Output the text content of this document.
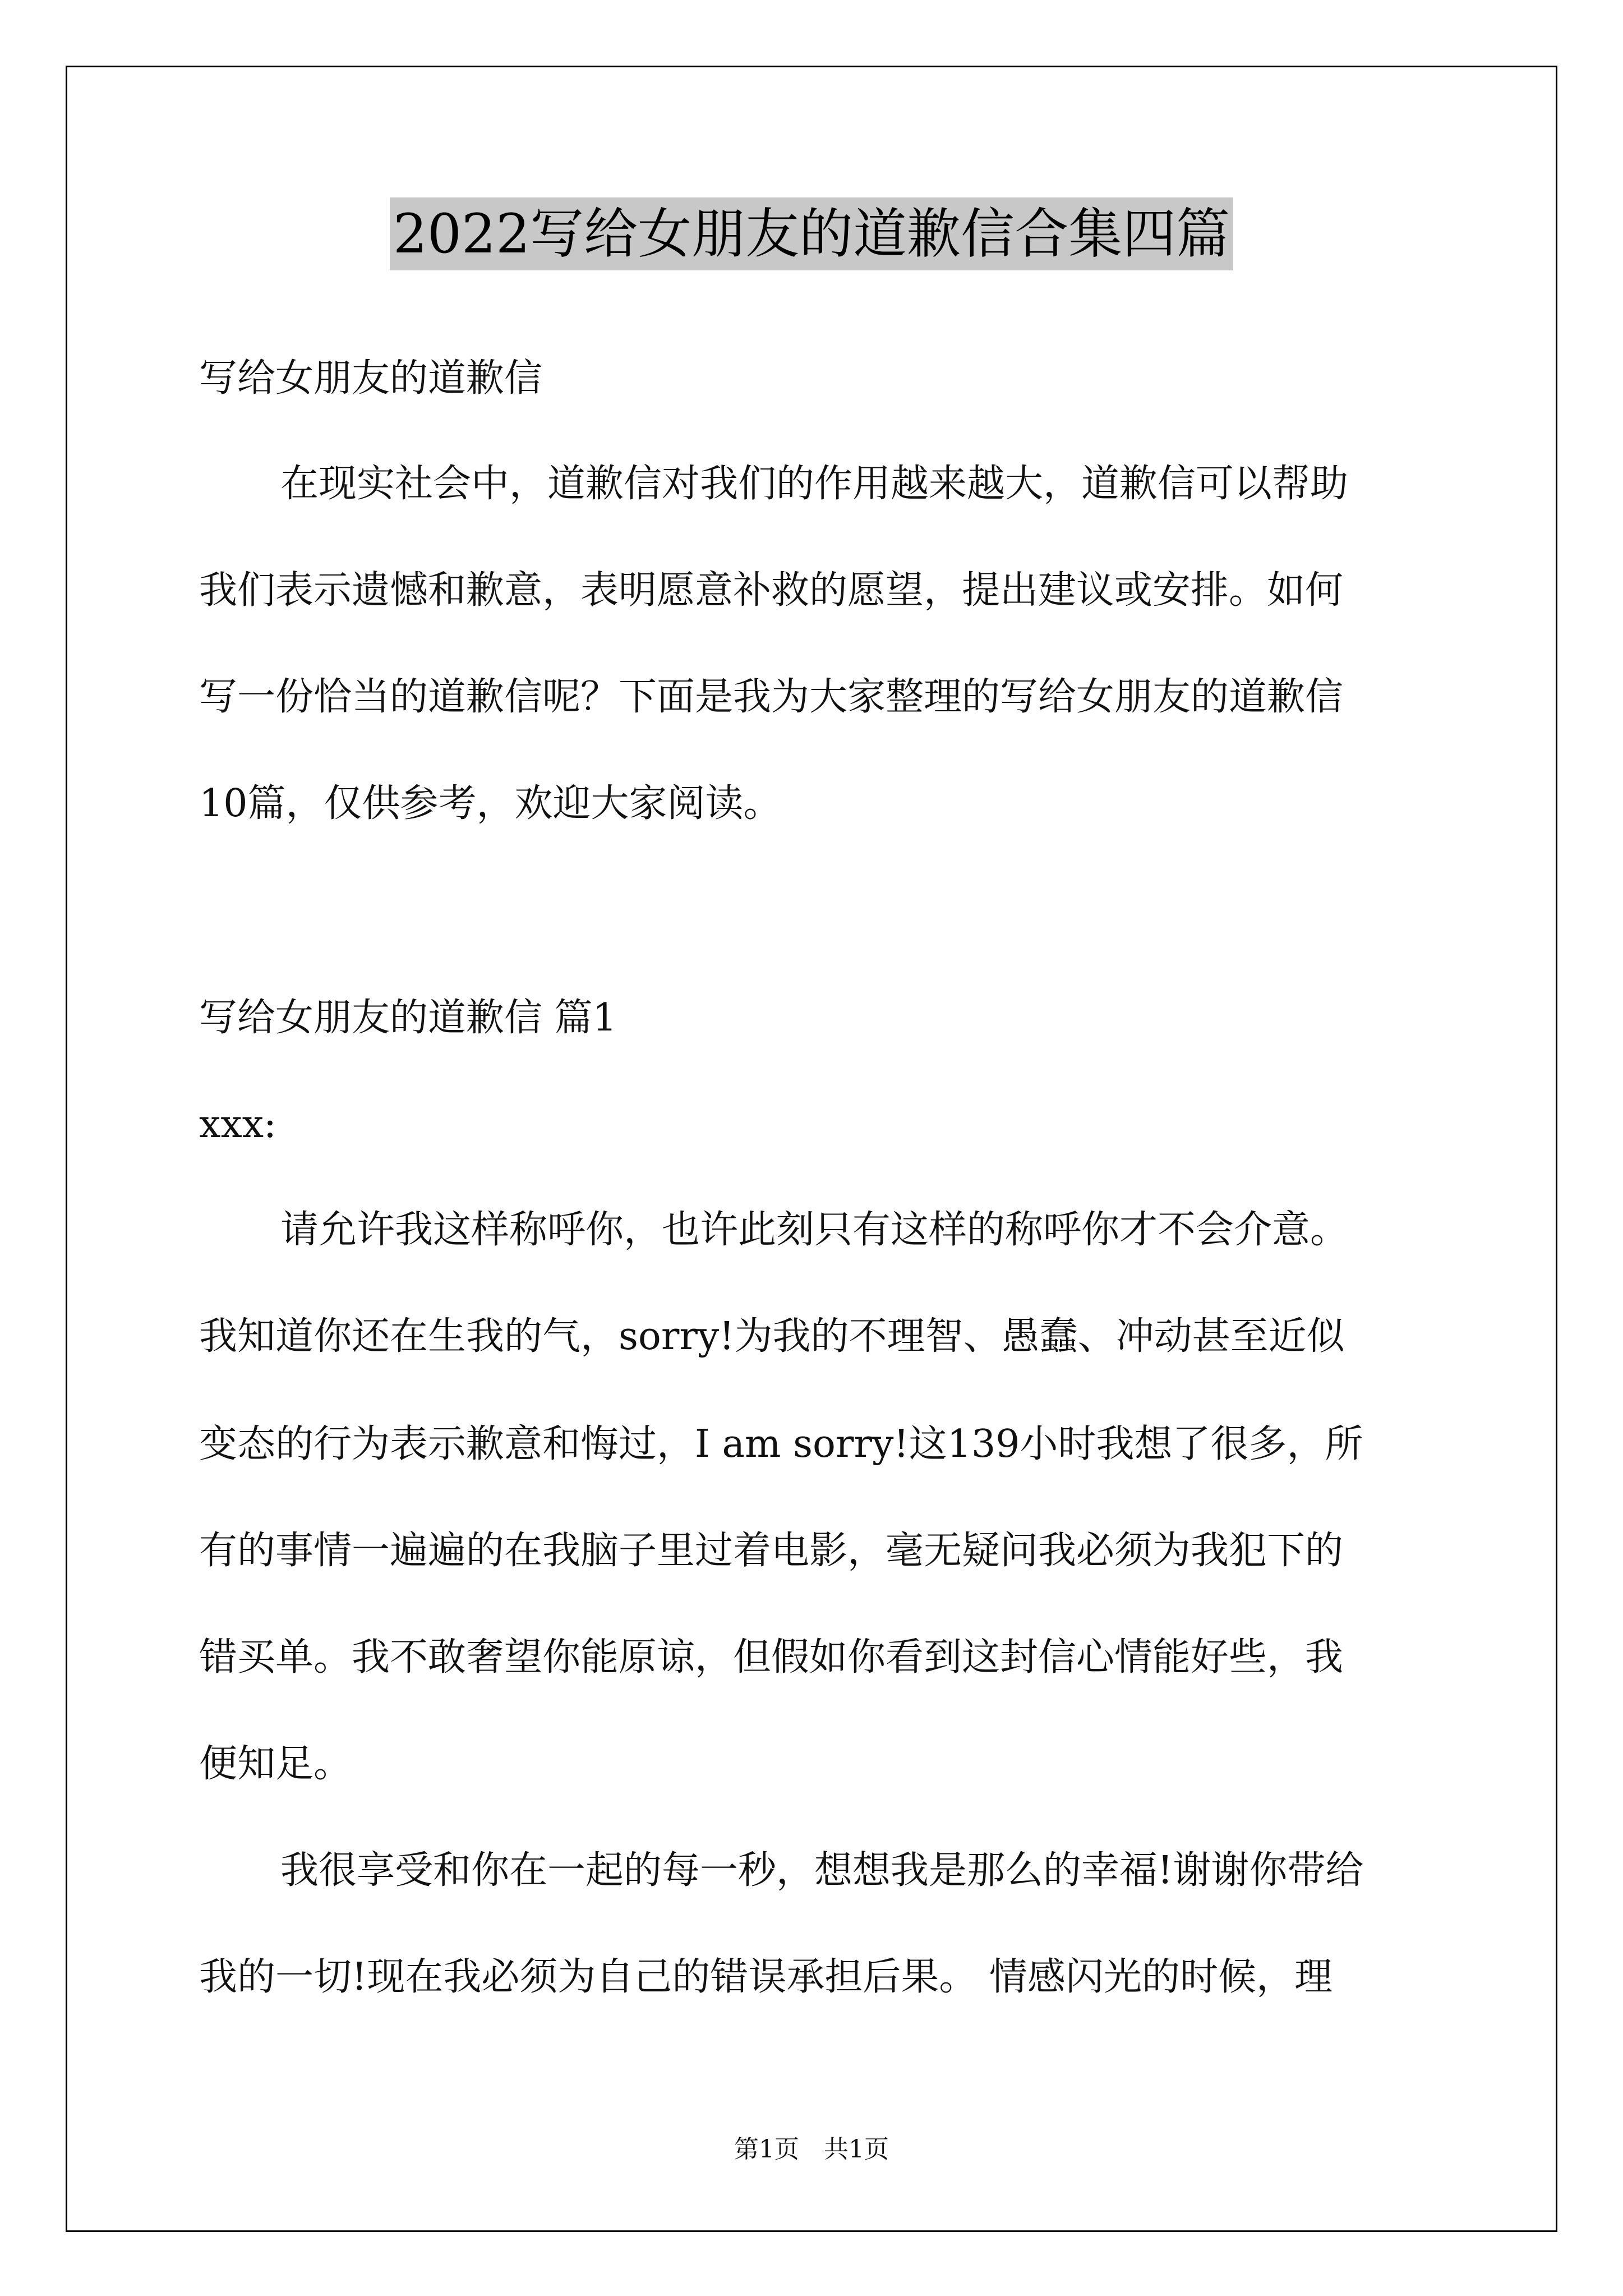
2022写给女朋友的道歉信合集四篇
写给女朋友的道歉信
在现实社会中，道歉信对我们的作用越来越大，道歉信可以帮助
我们表示遗憾和歉意，表明愿意补救的愿望，提出建议或安排。如何
写一份恰当的道歉信呢？下面是我为大家整理的写给女朋友的道歉信
10篇，仅供参考，欢迎大家阅读。
写给女朋友的道歉信 篇1
xxx:
请允许我这样称呼你，也许此刻只有这样的称呼你才不会介意。
我知道你还在生我的气，sorry!为我的不理智、愚蠢、冲动甚至近似
变态的行为表示歉意和悔过，I am sorry!这139小时我想了很多，所
有的事情一遍遍的在我脑子里过着电影，毫无疑问我必须为我犯下的
错买单。我不敢奢望你能原谅，但假如你看到这封信心情能好些，我
便知足。
我很享受和你在一起的每一秒，想想我是那么的幸福!谢谢你带给
我的一切!现在我必须为自己的错误承担后果。 情感闪光的时候，理
第1页　共1页
